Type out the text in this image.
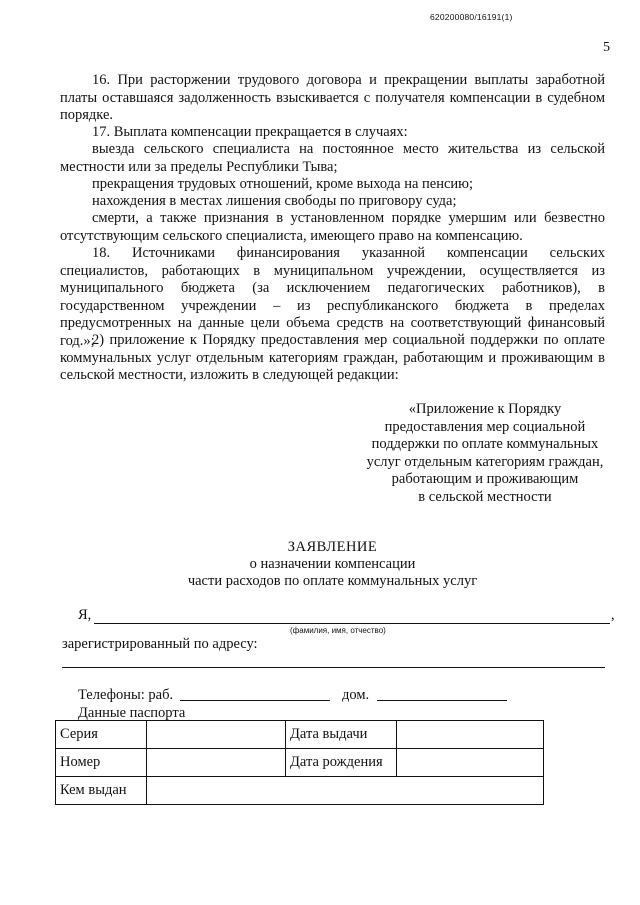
620200080/16191(1)
5

16. При расторжении трудового договора и прекращении выплаты заработной платы оставшаяся задолженность взыскивается с получателя компенсации в судебном порядке.

17. Выплата компенсации прекращается в случаях:

выезда сельского специалиста на постоянное место жительства из сельской местности или за пределы Республики Тыва;

прекращения трудовых отношений, кроме выхода на пенсию;

нахождения в местах лишения свободы по приговору суда;

смерти, а также признания в установленном порядке умершим или безвестно отсутствующим сельского специалиста, имеющего право на компенсацию.

18. Источниками финансирования указанной компенсации сельских специалистов, работающих в муниципальном учреждении, осуществляется из муниципального бюджета (за исключением педагогических работников), в государственном учреждении – из республиканского бюджета в пределах предусмотренных на данные цели объема средств на соответствующий финансовый год.»;

2) приложение к Порядку предоставления мер социальной поддержки по оплате коммунальных услуг отдельным категориям граждан, работающим и проживающим в сельской местности, изложить в следующей редакции:

«Приложение к Порядку
предоставления мер социальной
поддержки по оплате коммунальных
услуг отдельным категориям граждан,
работающим и проживающим
в сельской местности
ЗАЯВЛЕНИЕ
о назначении компенсации
части расходов по оплате коммунальных услуг
Я,	,
(фамилия, имя, отчество)
зарегистрированный по адресу:
Телефоны: раб.	дом.
Данные паспорта
Серия		Дата выдачи	
Номер		Дата рождения	
Кем выдан			
